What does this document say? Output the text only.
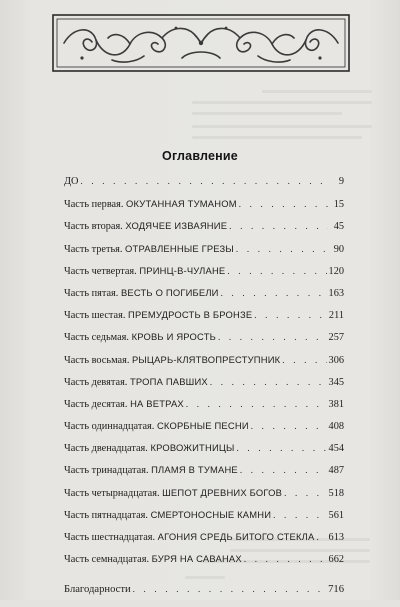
Оглавление
ДО . . .	9
Часть первая. ОКУТАННАЯ ТУМАНОМ . . .	15
Часть вторая. ХОДЯЧЕЕ ИЗВАЯНИЕ . . .	45
Часть третья. ОТРАВЛЕННЫЕ ГРЕЗЫ . . .	90
Часть четвертая. ПРИНЦ-В-ЧУЛАНЕ . . .	120
Часть пятая. ВЕСТЬ О ПОГИБЕЛИ . . .	163
Часть шестая. ПРЕМУДРОСТЬ В БРОНЗЕ . . .	211
Часть седьмая. КРОВЬ И ЯРОСТЬ . . .	257
Часть восьмая. РЫЦАРЬ-КЛЯТВОПРЕСТУПНИК . . .	306
Часть девятая. ТРОПА ПАВШИХ . . .	345
Часть десятая. НА ВЕТРАХ . . .	381
Часть одиннадцатая. СКОРБНЫЕ ПЕСНИ . . .	408
Часть двенадцатая. КРОВОЖИТНИЦЫ . . .	454
Часть тринадцатая. ПЛАМЯ В ТУМАНЕ . . .	487
Часть четырнадцатая. ШЕПОТ ДРЕВНИХ БОГОВ . . .	518
Часть пятнадцатая. СМЕРТОНОСНЫЕ КАМНИ . . .	561
Часть шестнадцатая. АГОНИЯ СРЕДЬ БИТОГО СТЕКЛА . . . 613
Часть семнадцатая. БУРЯ НА САВАНАХ . . .	662
Благодарности . . .	716
